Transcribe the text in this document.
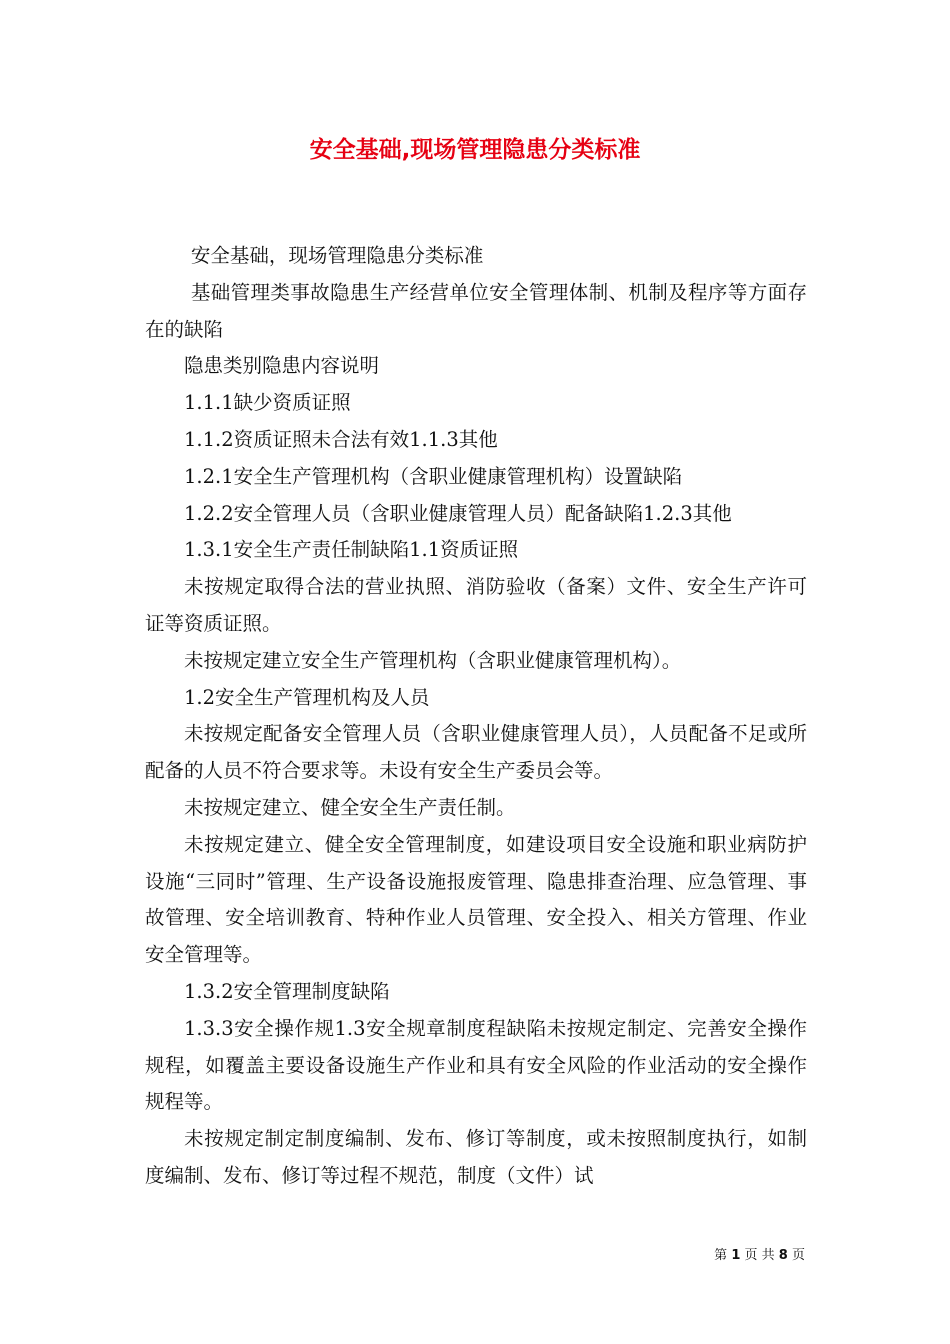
安全基础,现场管理隐患分类标准

安全基础，现场管理隐患分类标准

基础管理类事故隐患生产经营单位安全管理体制、机制及程序等方面存在的缺陷

隐患类别隐患内容说明

1.1.1缺少资质证照

1.1.2资质证照未合法有效1.1.3其他

1.2.1安全生产管理机构（含职业健康管理机构）设置缺陷

1.2.2安全管理人员（含职业健康管理人员）配备缺陷1.2.3其他

1.3.1安全生产责任制缺陷1.1资质证照

未按规定取得合法的营业执照、消防验收（备案）文件、安全生产许可证等资质证照。

未按规定建立安全生产管理机构（含职业健康管理机构）。

1.2安全生产管理机构及人员

未按规定配备安全管理人员（含职业健康管理人员），人员配备不足或所配备的人员不符合要求等。未设有安全生产委员会等。

未按规定建立、健全安全生产责任制。

未按规定建立、健全安全管理制度，如建设项目安全设施和职业病防护设施“三同时”管理、生产设备设施报废管理、隐患排查治理、应急管理、事故管理、安全培训教育、特种作业人员管理、安全投入、相关方管理、作业安全管理等。

1.3.2安全管理制度缺陷

1.3.3安全操作规1.3安全规章制度程缺陷未按规定制定、完善安全操作规程，如覆盖主要设备设施生产作业和具有安全风险的作业活动的安全操作规程等。

未按规定制定制度编制、发布、修订等制度，或未按照制度执行，如制度编制、发布、修订等过程不规范，制度（文件）试

第 1 页 共 8 页
